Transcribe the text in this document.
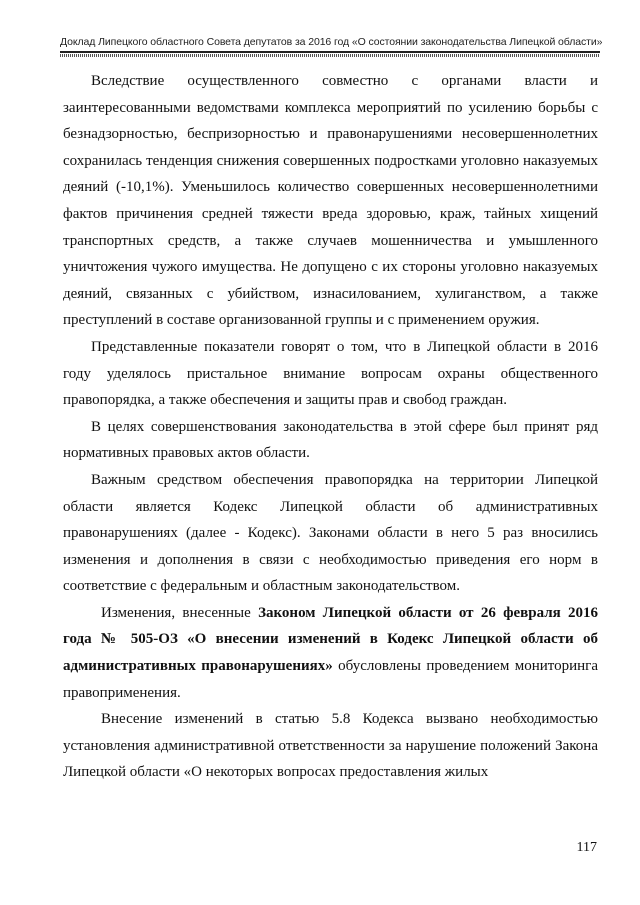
Доклад Липецкого областного Совета депутатов за 2016 год «О состоянии законодательства Липецкой области»

Вследствие осуществленного совместно с органами власти и заинтересованными ведомствами комплекса мероприятий по усилению борьбы с безнадзорностью, беспризорностью и правонарушениями несовершеннолетних сохранилась тенденция снижения совершенных подростками уголовно наказуемых деяний (-10,1%). Уменьшилось количество совершенных несовершеннолетними фактов причинения средней тяжести вреда здоровью, краж, тайных хищений транспортных средств, а также случаев мошенничества и умышленного уничтожения чужого имущества. Не допущено с их стороны уголовно наказуемых деяний, связанных с убийством, изнасилованием, хулиганством, а также преступлений в составе организованной группы и с применением оружия.

Представленные показатели говорят о том, что в Липецкой области в 2016 году уделялось пристальное внимание вопросам охраны общественного правопорядка, а также обеспечения и защиты прав и свобод граждан.

В целях совершенствования законодательства в этой сфере был принят ряд нормативных правовых актов области.

Важным средством обеспечения правопорядка на территории Липецкой области является Кодекс Липецкой области об административных правонарушениях (далее - Кодекс). Законами области в него 5 раз вносились изменения и дополнения в связи с необходимостью приведения его норм в соответствие с федеральным и областным законодательством.

Изменения, внесенные Законом Липецкой области от 26 февраля 2016 года № 505-ОЗ «О внесении изменений в Кодекс Липецкой области об административных правонарушениях» обусловлены проведением мониторинга правоприменения.

Внесение изменений в статью 5.8 Кодекса вызвано необходимостью установления административной ответственности за нарушение положений Закона Липецкой области «О некоторых вопросах предоставления жилых

117
